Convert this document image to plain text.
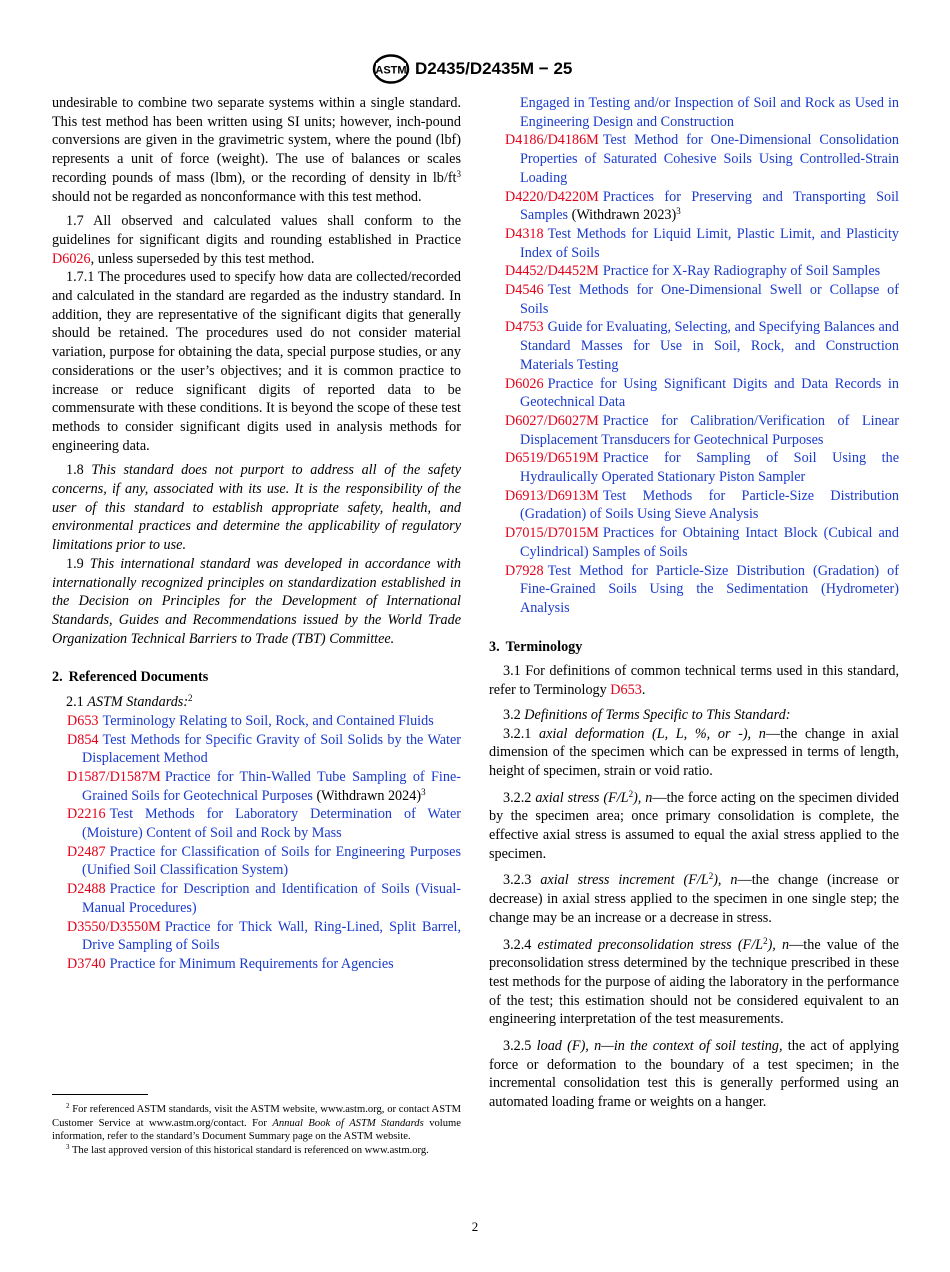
ASTM D2435/D2435M − 25

undesirable to combine two separate systems within a single standard. This test method has been written using SI units; however, inch-pound conversions are given in the gravimetric system, where the pound (lbf) represents a unit of force (weight). The use of balances or scales recording pounds of mass (lbm), or the recording of density in $lb/ft^3$ should not be regarded as nonconformance with this test method.

1.7 All observed and calculated values shall conform to the guidelines for significant digits and rounding established in Practice D6026, unless superseded by this test method.

1.7.1 The procedures used to specify how data are collected/recorded and calculated in the standard are regarded as the industry standard. In addition, they are representative of the significant digits that generally should be retained. The procedures used do not consider material variation, purpose for obtaining the data, special purpose studies, or any considerations or the user’s objectives; and it is common practice to increase or reduce significant digits of reported data to be commensurate with these conditions. It is beyond the scope of these test methods to consider significant digits used in analysis methods for engineering data.

1.8 This standard does not purport to address all of the safety concerns, if any, associated with its use. It is the responsibility of the user of this standard to establish appropriate safety, health, and environmental practices and determine the applicability of regulatory limitations prior to use.

1.9 This international standard was developed in accordance with internationally recognized principles on standardization established in the Decision on Principles for the Development of International Standards, Guides and Recommendations issued by the World Trade Organization Technical Barriers to Trade (TBT) Committee.

2. Referenced Documents

2.1 ASTM Standards:$^2$

D653 Terminology Relating to Soil, Rock, and Contained Fluids

D854 Test Methods for Specific Gravity of Soil Solids by the Water Displacement Method

D1587/D1587M Practice for Thin-Walled Tube Sampling of Fine-Grained Soils for Geotechnical Purposes (Withdrawn 2024)$^3$

D2216 Test Methods for Laboratory Determination of Water (Moisture) Content of Soil and Rock by Mass

D2487 Practice for Classification of Soils for Engineering Purposes (Unified Soil Classification System)

D2488 Practice for Description and Identification of Soils (Visual-Manual Procedures)

D3550/D3550M Practice for Thick Wall, Ring-Lined, Split Barrel, Drive Sampling of Soils

D3740 Practice for Minimum Requirements for Agencies

Engaged in Testing and/or Inspection of Soil and Rock as Used in Engineering Design and Construction

D4186/D4186M Test Method for One-Dimensional Consolidation Properties of Saturated Cohesive Soils Using Controlled-Strain Loading

D4220/D4220M Practices for Preserving and Transporting Soil Samples (Withdrawn 2023)$^3$

D4318 Test Methods for Liquid Limit, Plastic Limit, and Plasticity Index of Soils

D4452/D4452M Practice for X-Ray Radiography of Soil Samples

D4546 Test Methods for One-Dimensional Swell or Collapse of Soils

D4753 Guide for Evaluating, Selecting, and Specifying Balances and Standard Masses for Use in Soil, Rock, and Construction Materials Testing

D6026 Practice for Using Significant Digits and Data Records in Geotechnical Data

D6027/D6027M Practice for Calibration/Verification of Linear Displacement Transducers for Geotechnical Purposes

D6519/D6519M Practice for Sampling of Soil Using the Hydraulically Operated Stationary Piston Sampler

D6913/D6913M Test Methods for Particle-Size Distribution (Gradation) of Soils Using Sieve Analysis

D7015/D7015M Practices for Obtaining Intact Block (Cubical and Cylindrical) Samples of Soils

D7928 Test Method for Particle-Size Distribution (Gradation) of Fine-Grained Soils Using the Sedimentation (Hydrometer) Analysis

3. Terminology

3.1 For definitions of common technical terms used in this standard, refer to Terminology D653.

3.2 Definitions of Terms Specific to This Standard:

3.2.1 axial deformation (L, L, %, or -), n—the change in axial dimension of the specimen which can be expressed in terms of length, height of specimen, strain or void ratio.

3.2.2 axial stress $(F/L^2)$, n—the force acting on the specimen divided by the specimen area; once primary consolidation is complete, the effective axial stress is assumed to equal the axial stress applied to the specimen.

3.2.3 axial stress increment $(F/L^2)$, n—the change (increase or decrease) in axial stress applied to the specimen in one single step; the change may be an increase or a decrease in stress.

3.2.4 estimated preconsolidation stress $(F/L^2)$, n—the value of the preconsolidation stress determined by the technique prescribed in these test methods for the purpose of aiding the laboratory in the performance of the test; this estimation should not be considered equivalent to an engineering interpretation of the test measurements.

3.2.5 load (F), n—in the context of soil testing, the act of applying force or deformation to the boundary of a test specimen; in the incremental consolidation test this is generally performed using an automated loading frame or weights on a hanger.

$^2$ For referenced ASTM standards, visit the ASTM website, www.astm.org, or contact ASTM Customer Service at www.astm.org/contact. For Annual Book of ASTM Standards volume information, refer to the standard’s Document Summary page on the ASTM website.

$^3$ The last approved version of this historical standard is referenced on www.astm.org.

2
